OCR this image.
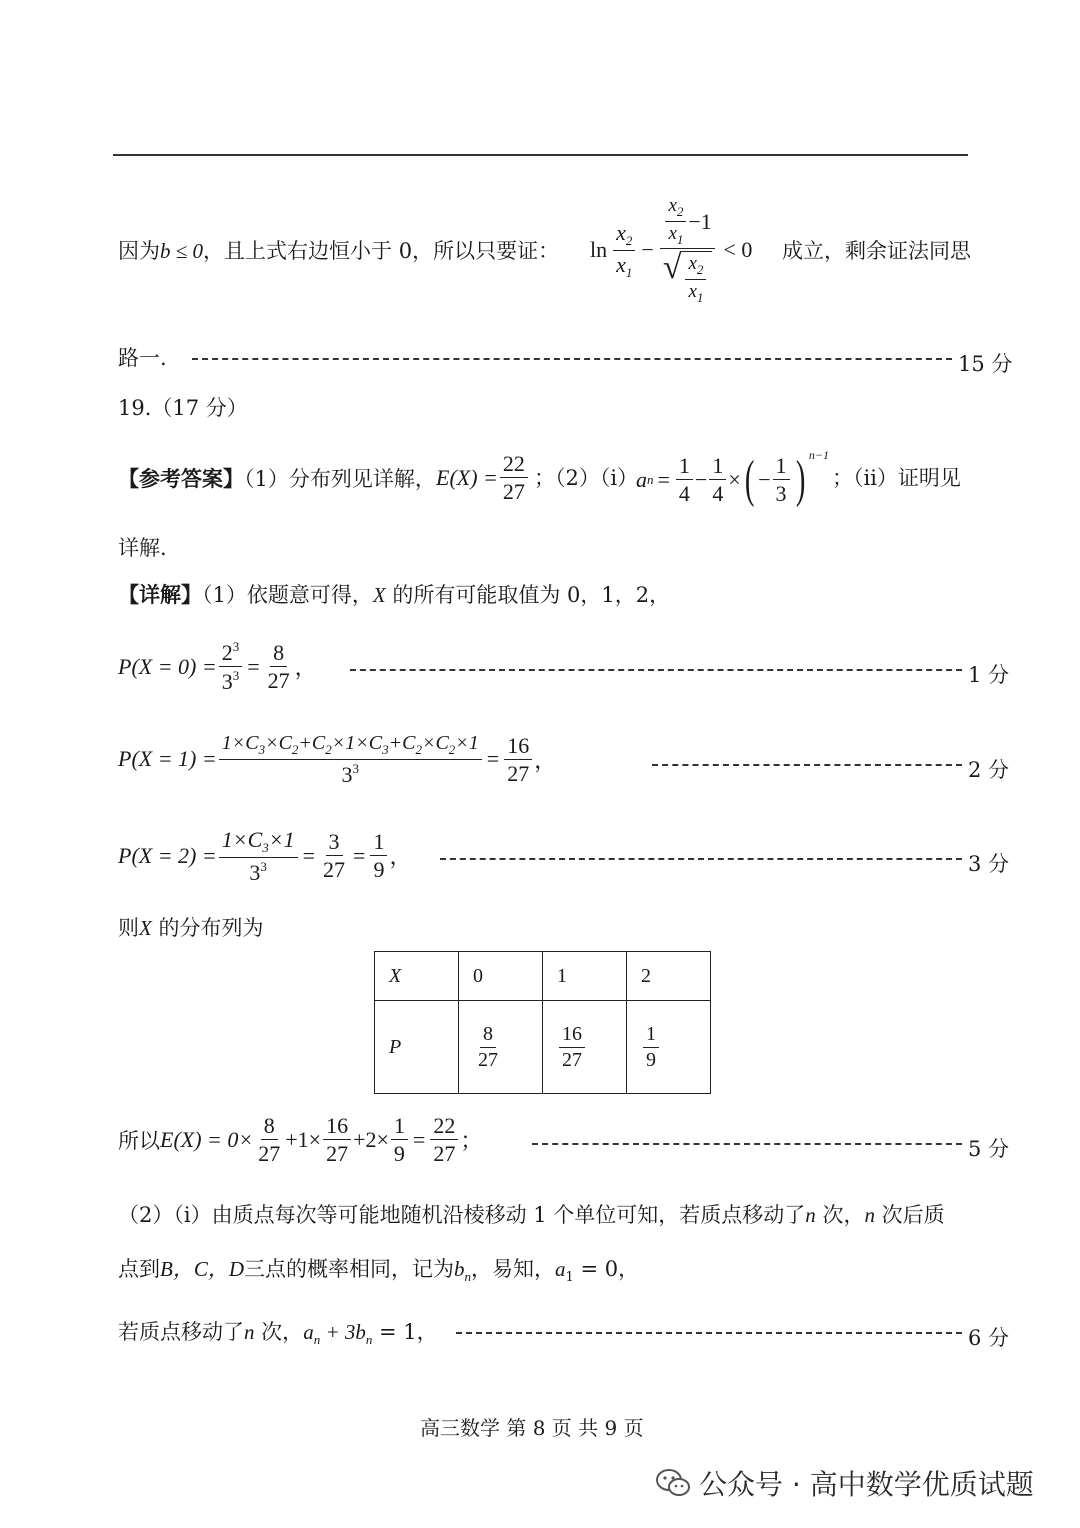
因为b ≤ 0，且上式右边恒小于 0，所以只要证： $\ln \frac{x_2}{x_1} - \frac{\frac{x_2}{x_1} -1}{√ \frac{x_2}{x_1}} < 0$ 成立，剩余证法同思
路一.	15 分
19.（17 分）
【参考答案】（1）分布列见详解， $E(X) = \frac{22}{27}$ ；（2）（i）
a $n = \frac{1}{4} - \frac{1}{4}$ × ( − $\frac{1}{3}$ ) n−1
；（ii）证明见
详解.
【详解】（1）依题意可得，X 的所有可能取值为 0，1，2，
$P(X = 0) = \frac{2^3}{3^3} = \frac{8}{27}$ ，	1 分
$P(X = 1) = \frac{1\times C_3\times C_2+C_2\times 1\times C_3+C_2\times C_2\times 1}{3^3} = \frac{16}{27}$ ，	2 分
$P(X = 2) = \frac{1\times C_3\times 1}{3^3} = \frac{3}{27} = \frac{1}{9}$ ，	3 分
则X 的分布列为
X	0	1	2
P	$\frac{8}{27}$	$\frac{16}{27}$	$\frac{1}{9}$
所以 $E(X) = 0\times \frac{8}{27} +1\times \frac{16}{27} +2\times \frac{1}{9} = \frac{22}{27}$ ；	5 分
（2）（i）由质点每次等可能地随机沿棱移动 1 个单位可知，若质点移动了n 次，n 次后质
点到B，C，D三点的概率相同，记为$b_n$，易知，$a_1 = 0$，
若质点移动了n 次，$a_n + 3b_n = 1$，	6 分
高三数学 第 8 页 共 9 页
公众号 · 高中数学优质试题
